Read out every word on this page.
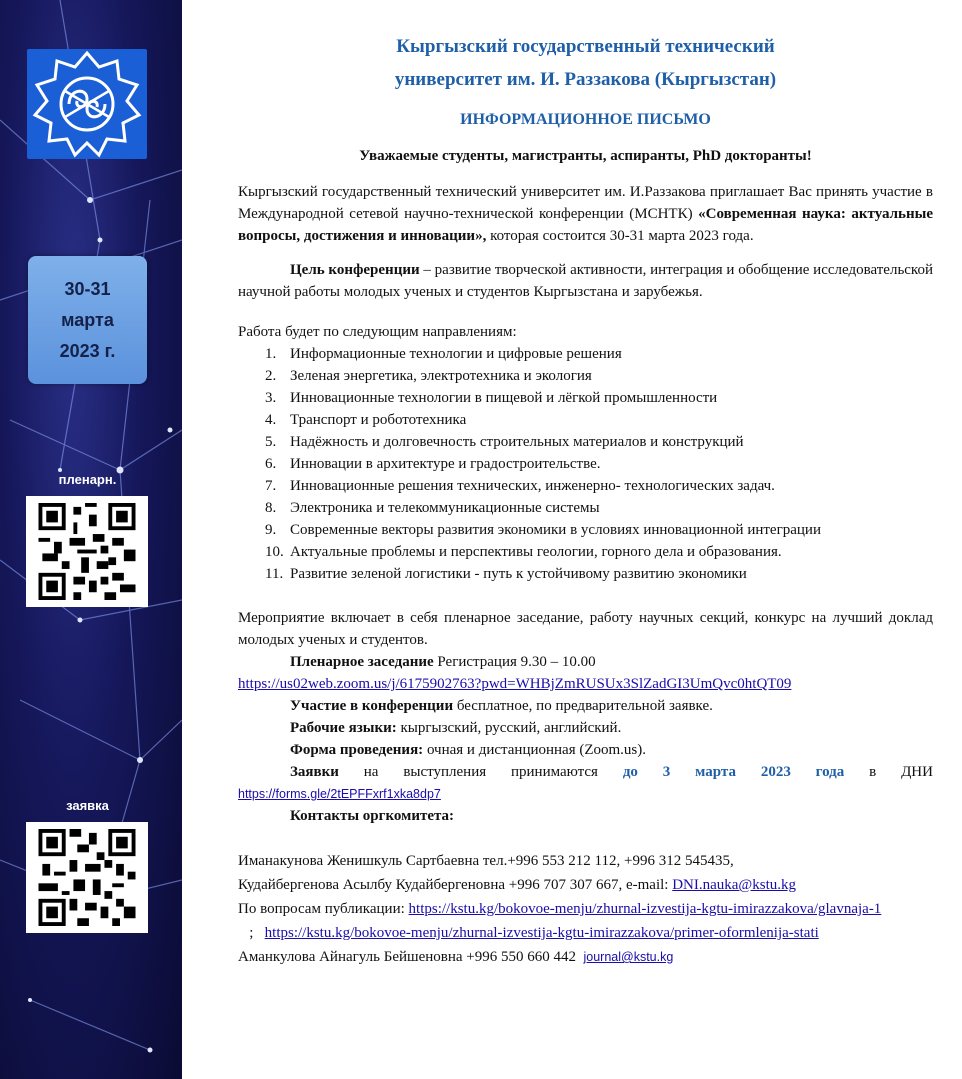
30-31
марта
2023 г.
пленарн.
заявка

Кыргызский государственный технический

университет им. И. Раззакова (Кыргызстан)

ИНФОРМАЦИОННОЕ ПИСЬМО

Уважаемые студенты, магистранты, аспиранты, PhD докторанты!

Кыргызский государственный технический университет им. И.Раззакова приглашает Вас принять участие в Международной сетевой научно-технической конференции (МСНТК) «Современная наука: актуальные вопросы, достижения и инновации», которая состоится 30-31 марта 2023 года.

Цель конференции – развитие творческой активности, интеграция и обобщение исследовательской научной работы молодых ученых и студентов Кыргызстана и зарубежья.

Работа будет по следующим направлениям:

1. Информационные технологии и цифровые решения
2. Зеленая энергетика, электротехника и экология
3. Инновационные технологии в пищевой и лёгкой промышленности
4. Транспорт и робототехника
5. Надёжность и долговечность строительных материалов и конструкций
6. Инновации в архитектуре и градостроительстве.
7. Инновационные решения технических, инженерно- технологических задач.
8. Электроника и телекоммуникационные системы
9. Современные векторы развития экономики в условиях инновационной интеграции
10. Актуальные проблемы и перспективы геологии, горного дела и образования.
11. Развитие зеленой логистики - путь к устойчивому развитию экономики

Мероприятие включает в себя пленарное заседание, работу научных секций, конкурс на лучший доклад молодых ученых и студентов.

Пленарное заседание Регистрация 9.30 – 10.00

https://us02web.zoom.us/j/6175902763?pwd=WHBjZmRUSUx3SlZadGI3UmQvc0htQT09

Участие в конференции бесплатное, по предварительной заявке.

Рабочие языки: кыргызский, русский, английский.

Форма проведения: очная и дистанционная (Zoom.us).

Заявки на выступления принимаются до 3 марта 2023 года в ДНИ

https://forms.gle/2tEPFFxrf1xka8dp7

Контакты оргкомитета:

Иманакунова Женишкуль Сартбаевна тел.+996 553 212 112, +996 312 545435,

Кудайбергенова Асылбу Кудайбергеновна +996 707 307 667, e-mail: DNI.nauka@kstu.kg

По вопросам публикации: https://kstu.kg/bokovoe-menju/zhurnal-izvestija-kgtu-imirazzakova/glavnaja-1   ;   https://kstu.kg/bokovoe-menju/zhurnal-izvestija-kgtu-imirazzakova/primer-oformlenija-stati

Аманкулова Айнагуль Бейшеновна +996 550 660 442  journal@kstu.kg
